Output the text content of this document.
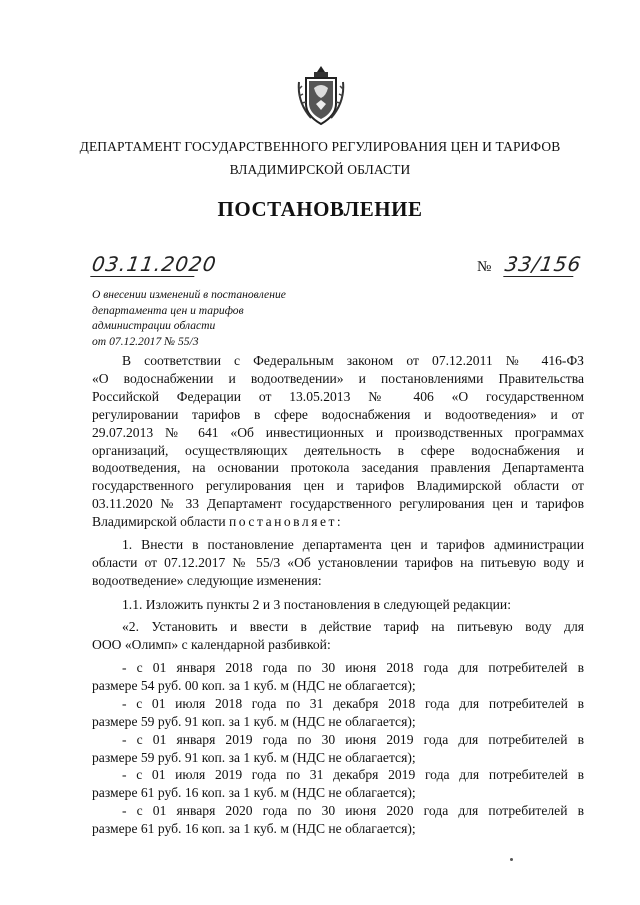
ДЕПАРТАМЕНТ ГОСУДАРСТВЕННОГО РЕГУЛИРОВАНИЯ ЦЕН И ТАРИФОВ
ВЛАДИМИРСКОЙ ОБЛАСТИ
ПОСТАНОВЛЕНИЕ
03.11.2020	№ 33/156
О внесении изменений в постановление
департамента цен и тарифов
администрации области
от 07.12.2017 № 55/3
В соответствии с Федеральным законом от 07.12.2011 № 416-ФЗ
«О водоснабжении и водоотведении» и постановлениями Правительства
Российской Федерации от 13.05.2013 № 406 «О государственном
регулировании тарифов в сфере водоснабжения и водоотведения» и от
29.07.2013 № 641 «Об инвестиционных и производственных программах
организаций, осуществляющих деятельность в сфере водоснабжения и
водоотведения, на основании протокола заседания правления Департамента
государственного регулирования цен и тарифов Владимирской области от
03.11.2020 № 33 Департамент государственного регулирования цен и тарифов
Владимирской области постановляет:
1. Внести в постановление департамента цен и тарифов администрации
области от 07.12.2017 № 55/3 «Об установлении тарифов на питьевую воду и
водоотведение» следующие изменения:
1.1. Изложить пункты 2 и 3 постановления в следующей редакции:
«2. Установить и ввести в действие тариф на питьевую воду для
ООО «Олимп» с календарной разбивкой:
- с 01 января 2018 года по 30 июня 2018 года для потребителей в
размере 54 руб. 00 коп. за 1 куб. м (НДС не облагается);
- с 01 июля 2018 года по 31 декабря 2018 года для потребителей в
размере 59 руб. 91 коп. за 1 куб. м (НДС не облагается);
- с 01 января 2019 года по 30 июня 2019 года для потребителей в
размере 59 руб. 91 коп. за 1 куб. м (НДС не облагается);
- с 01 июля 2019 года по 31 декабря 2019 года для потребителей в
размере 61 руб. 16 коп. за 1 куб. м (НДС не облагается);
- с 01 января 2020 года по 30 июня 2020 года для потребителей в
размере 61 руб. 16 коп. за 1 куб. м (НДС не облагается);
